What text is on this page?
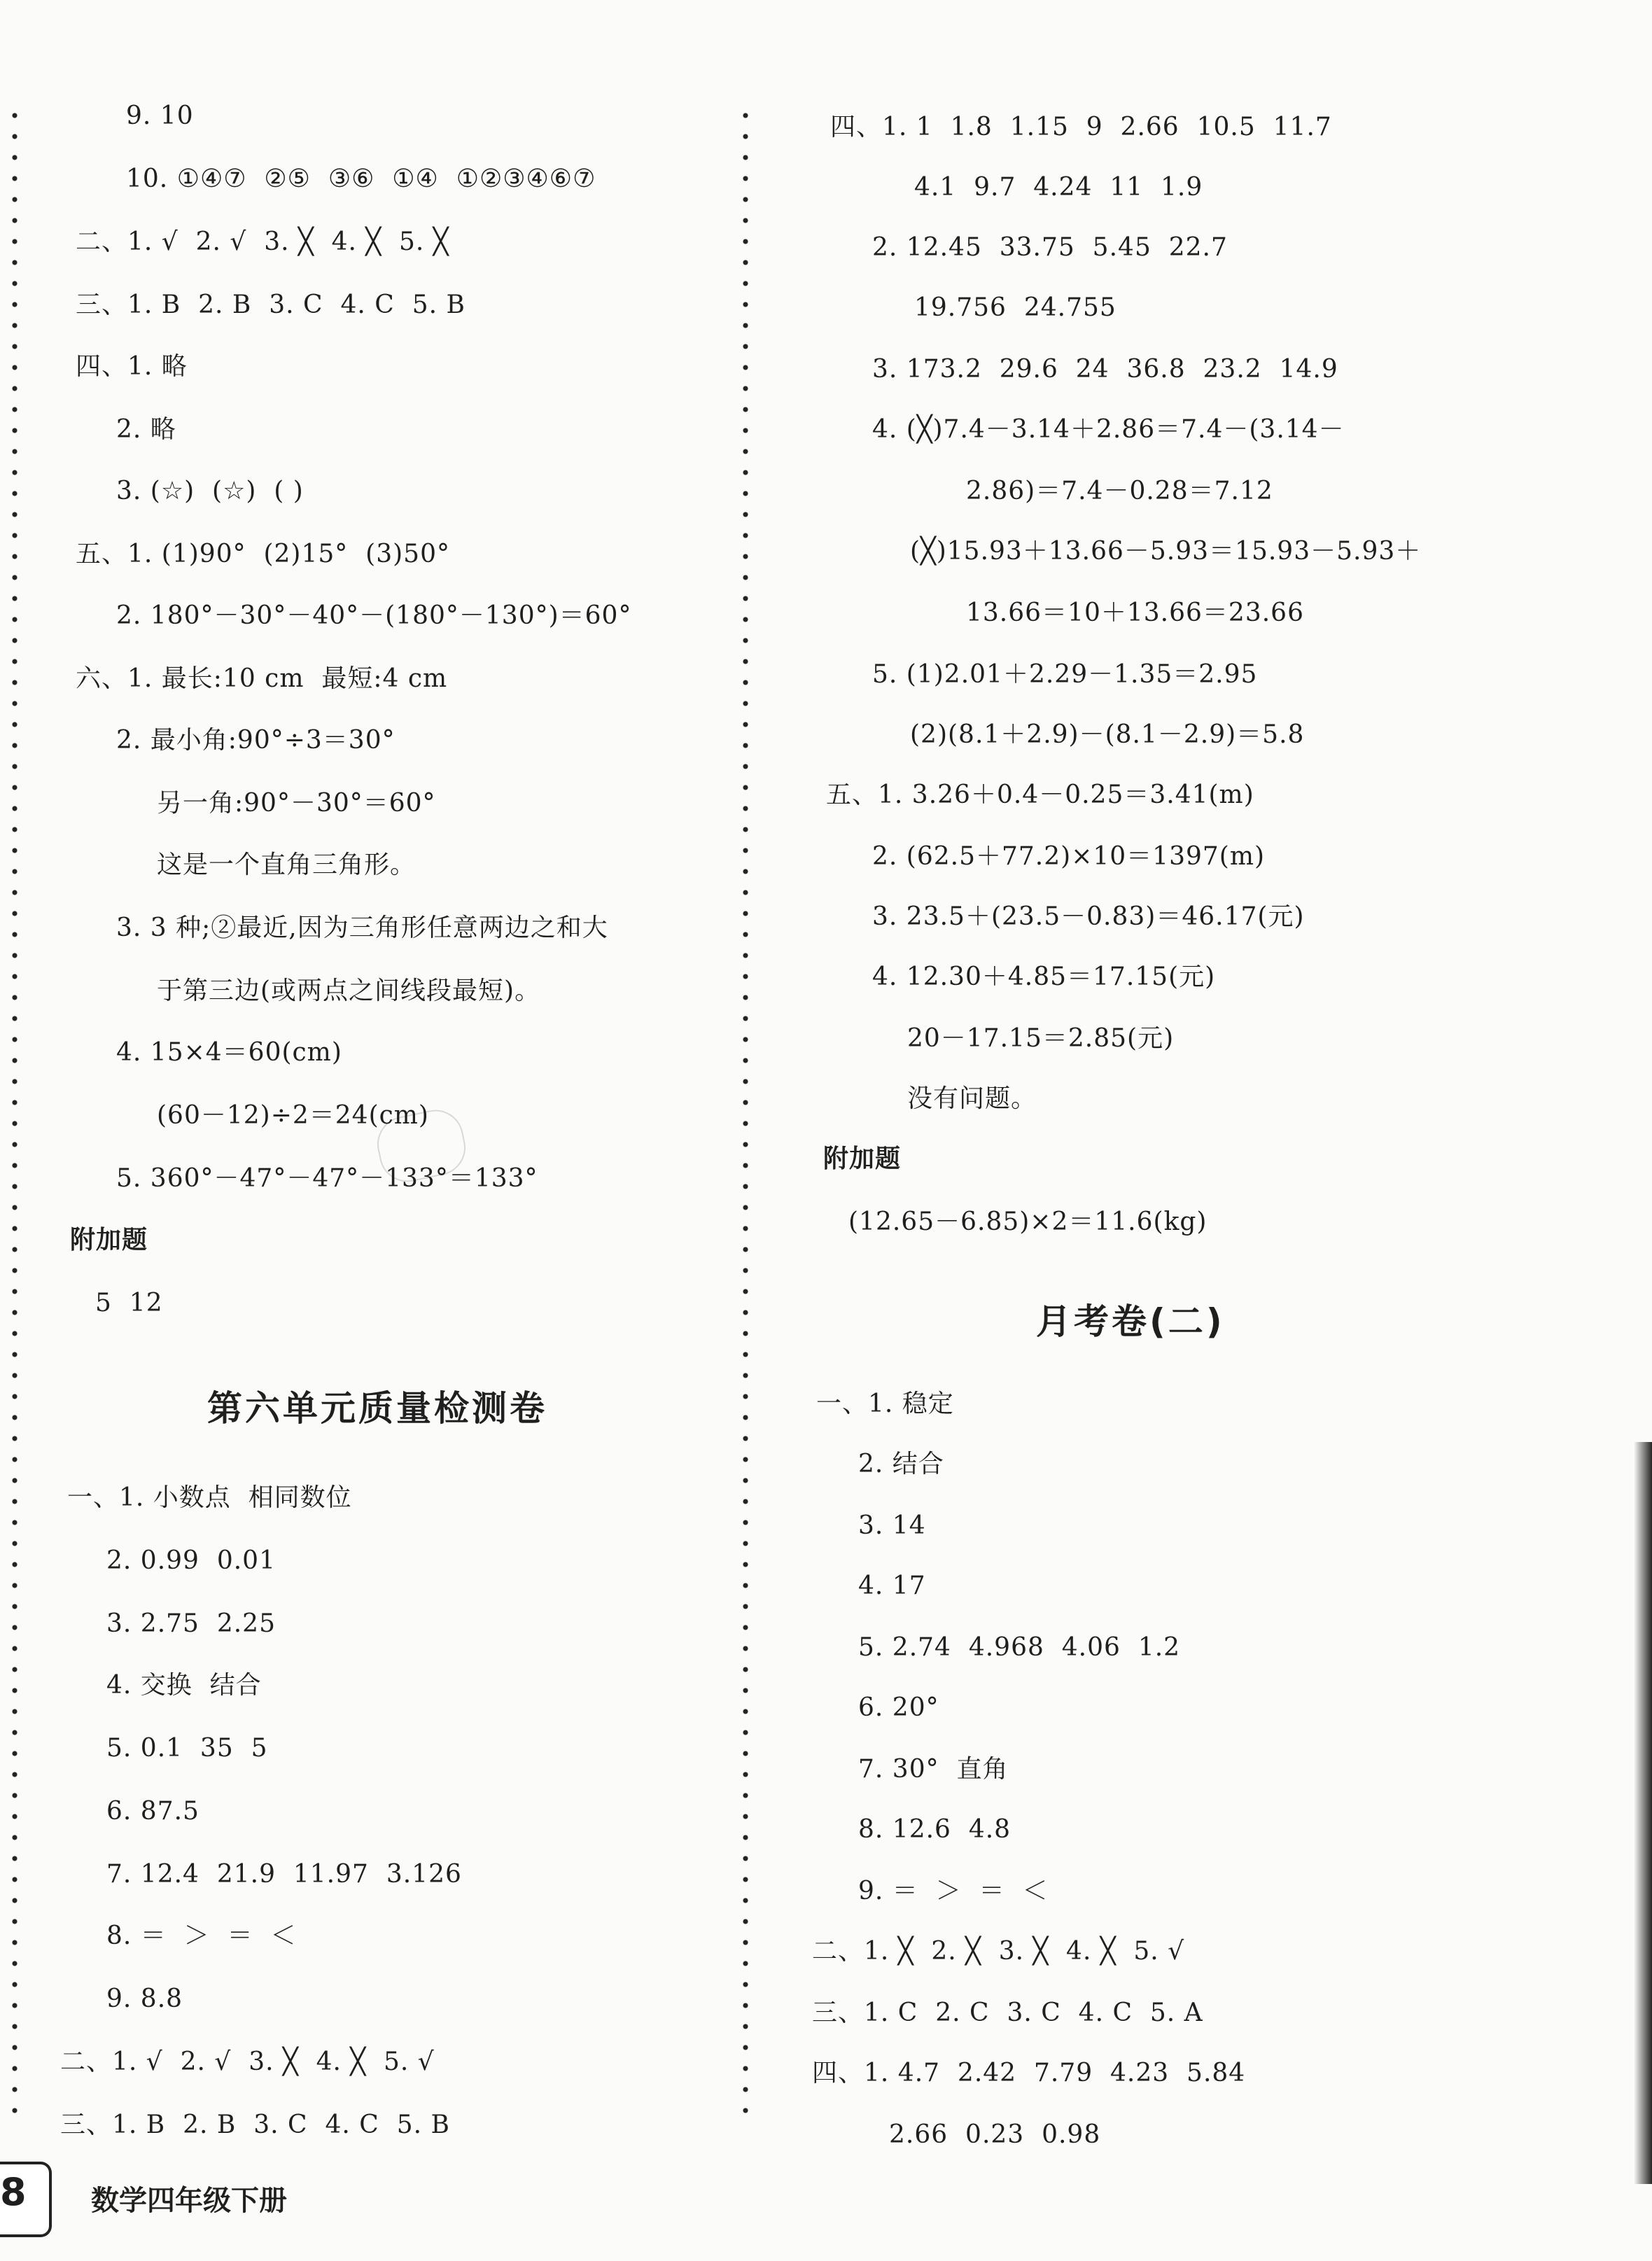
9. 10
10. ①④⑦  ②⑤  ③⑥  ①④  ①②③④⑥⑦
二、1. √  2. √  3. ╳  4. ╳  5. ╳
三、1. B  2. B  3. C  4. C  5. B
四、1. 略
2. 略
3. (☆)  (☆)  ( )
五、1. (1)90°  (2)15°  (3)50°
2. 180°－30°－40°－(180°－130°)＝60°
六、1. 最长:10 cm  最短:4 cm
2. 最小角:90°÷3＝30°
另一角:90°－30°＝60°
这是一个直角三角形。
3. 3 种;②最近,因为三角形任意两边之和大
于第三边(或两点之间线段最短)。
4. 15×4＝60(cm)
(60－12)÷2＝24(cm)
5. 360°－47°－47°－133°＝133°
附加题
5  12
第六单元质量检测卷
一、1. 小数点  相同数位
2. 0.99  0.01
3. 2.75  2.25
4. 交换  结合
5. 0.1  35  5
6. 87.5
7. 12.4  21.9  11.97  3.126
8. ＝  ＞  ＝  ＜
9. 8.8
二、1. √  2. √  3. ╳  4. ╳  5. √
三、1. B  2. B  3. C  4. C  5. B
四、1. 1  1.8  1.15  9  2.66  10.5  11.7
4.1  9.7  4.24  11  1.9
2. 12.45  33.75  5.45  22.7
19.756  24.755
3. 173.2  29.6  24  36.8  23.2  14.9
4. (╳)7.4－3.14＋2.86＝7.4－(3.14－
2.86)＝7.4－0.28＝7.12
(╳)15.93＋13.66－5.93＝15.93－5.93＋
13.66＝10＋13.66＝23.66
5. (1)2.01＋2.29－1.35＝2.95
(2)(8.1＋2.9)－(8.1－2.9)＝5.8
五、1. 3.26＋0.4－0.25＝3.41(m)
2. (62.5＋77.2)×10＝1397(m)
3. 23.5＋(23.5－0.83)＝46.17(元)
4. 12.30＋4.85＝17.15(元)
20－17.15＝2.85(元)
没有问题。
附加题
(12.65－6.85)×2＝11.6(kg)
月考卷(二)
一、1. 稳定
2. 结合
3. 14
4. 17
5. 2.74  4.968  4.06  1.2
6. 20°
7. 30°  直角
8. 12.6  4.8
9. ＝  ＞  ＝  ＜
二、1. ╳  2. ╳  3. ╳  4. ╳  5. √
三、1. C  2. C  3. C  4. C  5. A
四、1. 4.7  2.42  7.79  4.23  5.84
2.66  0.23  0.98
8 数学四年级下册
